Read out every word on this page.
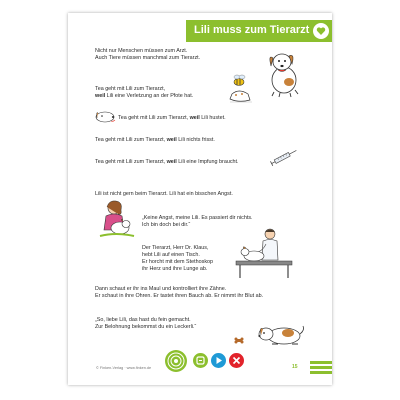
Lili muss zum Tierarzt
Nicht nur Menschen müssen zum Arzt.
Auch Tiere müssen manchmal zum Tierarzt.
Tea geht mit Lili zum Tierarzt,
weil Lili eine Verletzung an der Pfote hat.
Tea geht mit Lili zum Tierarzt, weil Lili hustet.
Tea geht mit Lili zum Tierarzt, weil Lili nichts frisst.
Tea geht mit Lili zum Tierarzt, weil Lili eine Impfung braucht.
Lili ist nicht gern beim Tierarzt. Lili hat ein bisschen Angst.
„Keine Angst, meine Lili. Es passiert dir nichts.
Ich bin doch bei dir.“
Der Tierarzt, Herr Dr. Klaus,
hebt Lili auf einen Tisch.
Er horcht mit dem Stethoskop
ihr Herz und ihre Lunge ab.
Dann schaut er ihr ins Maul und kontrolliert ihre Zähne.
Er schaut in ihre Ohren. Er tastet ihren Bauch ab. Er nimmt ihr Blut ab.
„So, liebe Lili, das hast du fein gemacht.
Zur Belohnung bekommst du ein Leckerli.“
© Finken-Verlag · www.finken.de	15
